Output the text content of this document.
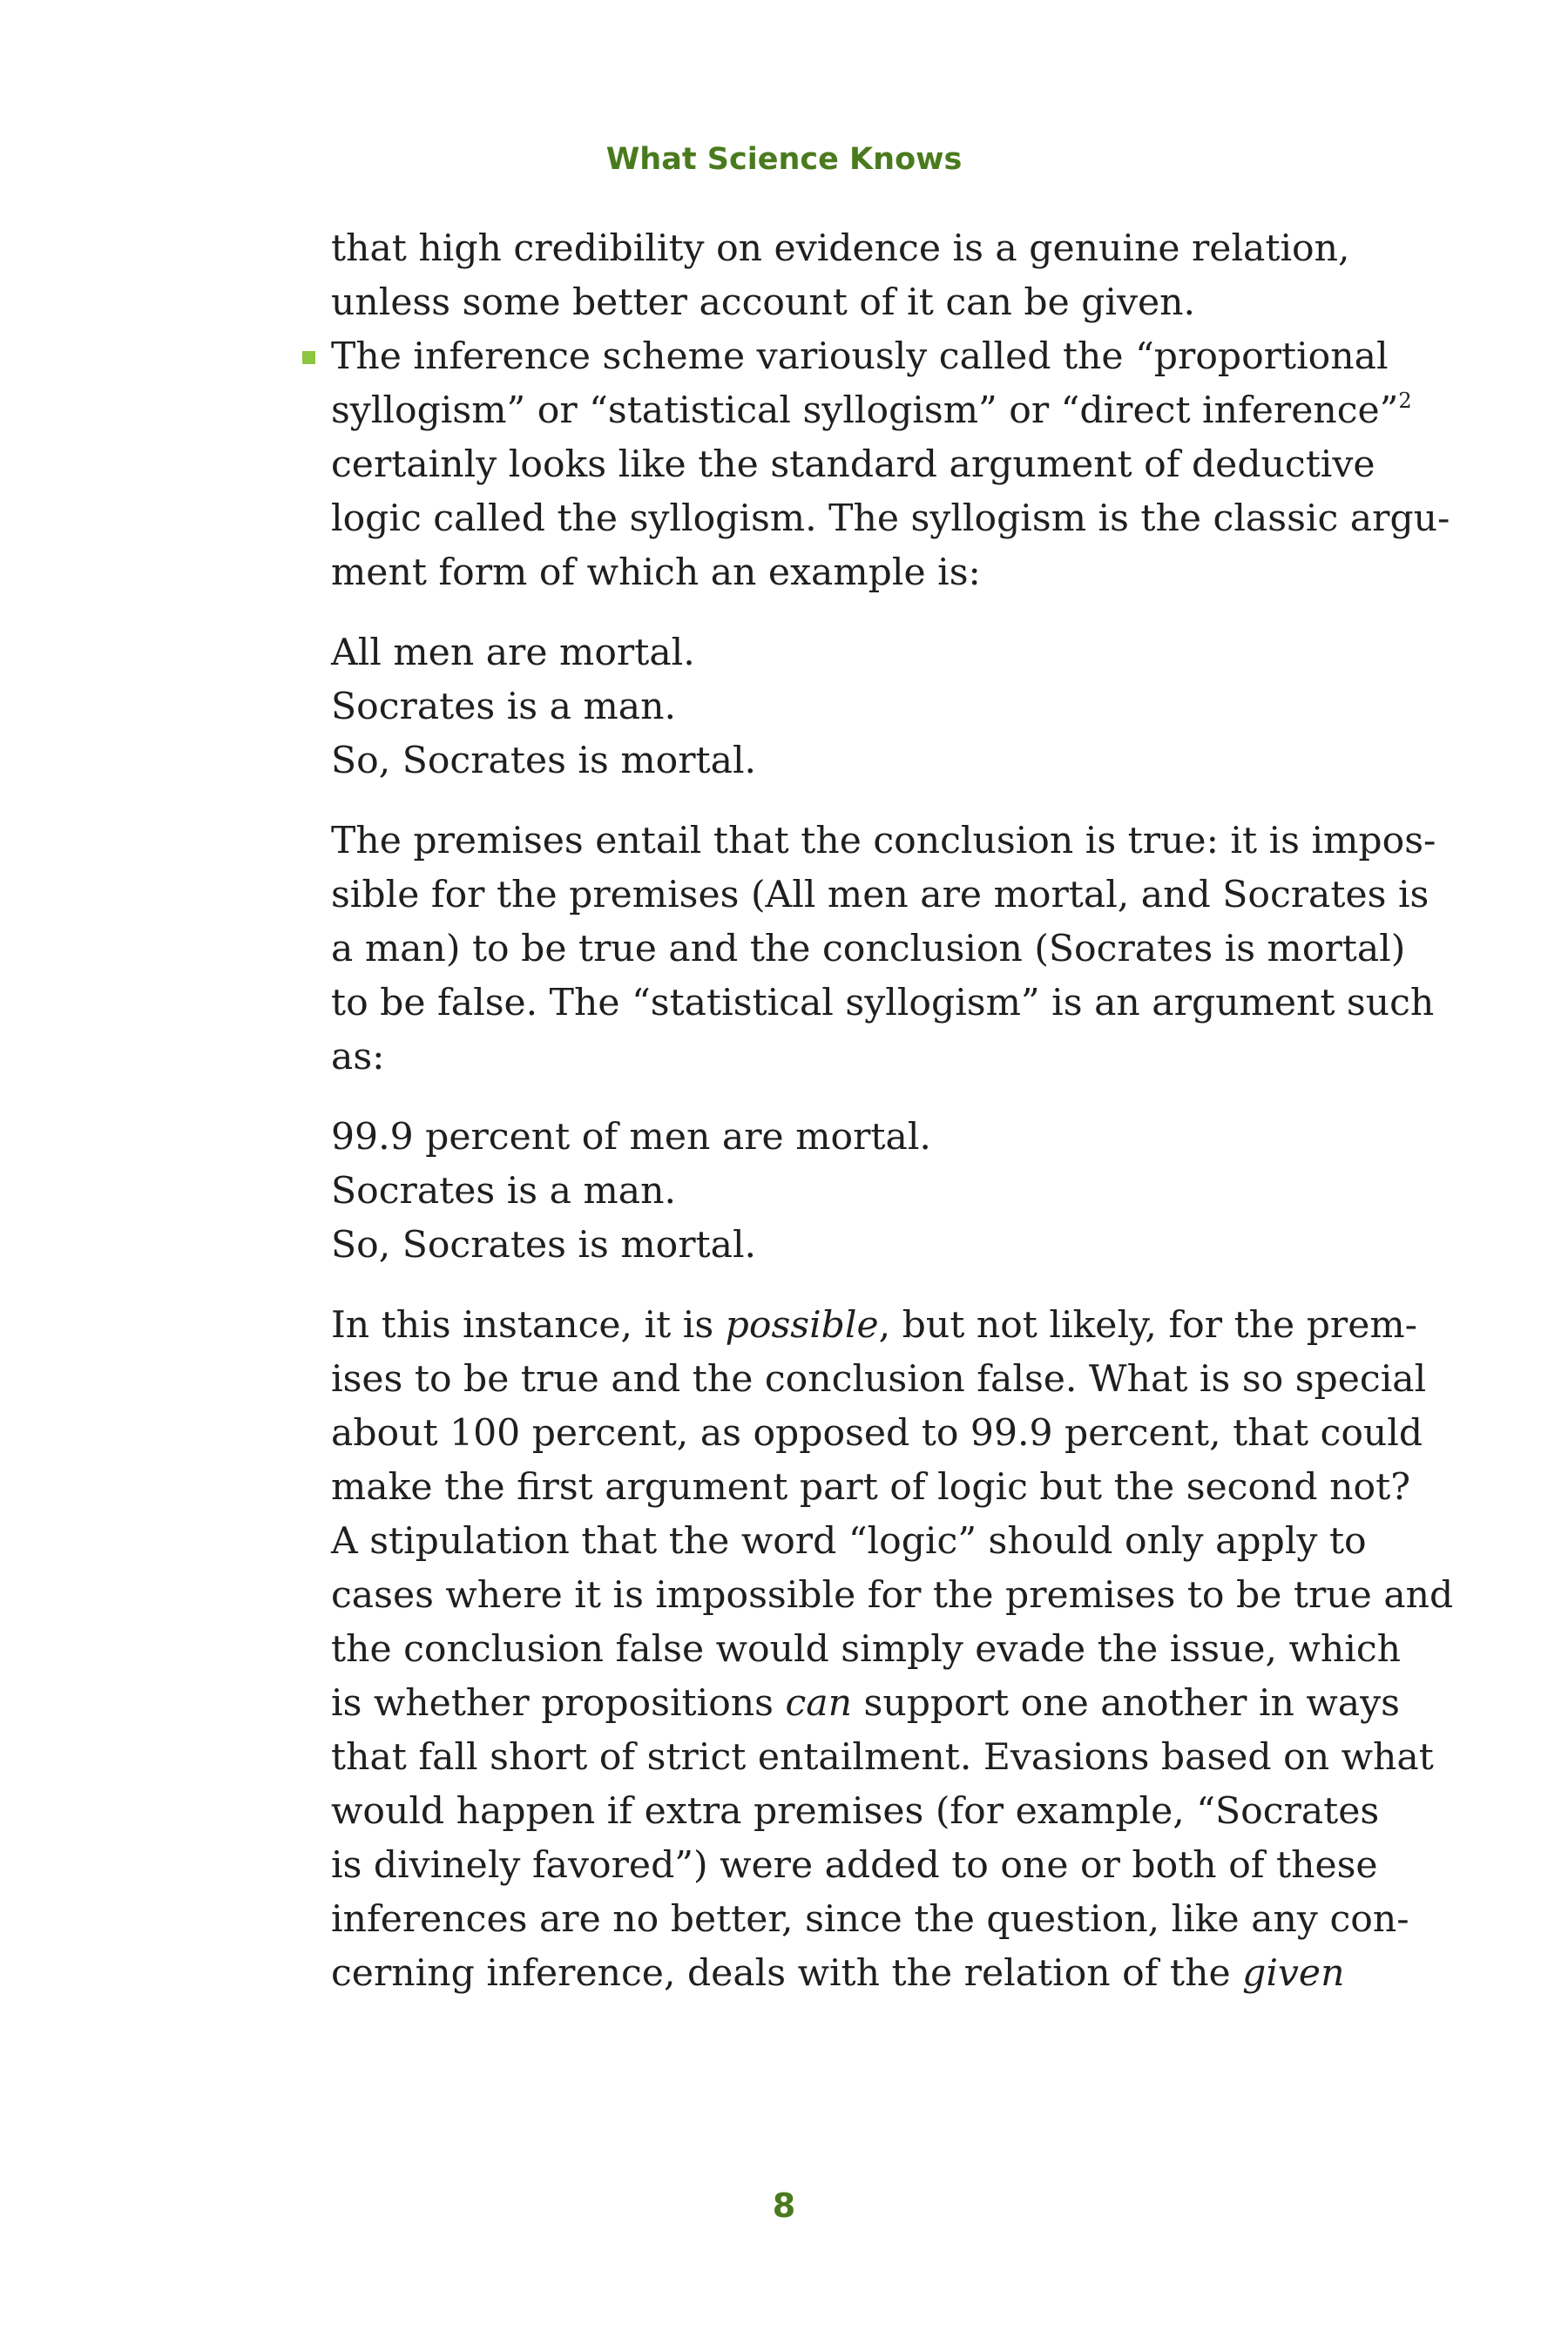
What Science Knows
that high credibility on evidence is a genuine relation,
unless some better account of it can be given.
The inference scheme variously called the “proportional
syllogism” or “statistical syllogism” or “direct inference”$^2$
certainly looks like the standard argument of deductive
logic called the syllogism. The syllogism is the classic argu-
ment form of which an example is:
All men are mortal.
Socrates is a man.
So, Socrates is mortal.
The premises entail that the conclusion is true: it is impos-
sible for the premises (All men are mortal, and Socrates is
a man) to be true and the conclusion (Socrates is mortal)
to be false. The “statistical syllogism” is an argument such
as:
99.9 percent of men are mortal.
Socrates is a man.
So, Socrates is mortal.
In this instance, it is possible, but not likely, for the prem-
ises to be true and the conclusion false. What is so special
about 100 percent, as opposed to 99.9 percent, that could
make the first argument part of logic but the second not?
A stipulation that the word “logic” should only apply to
cases where it is impossible for the premises to be true and
the conclusion false would simply evade the issue, which
is whether propositions can support one another in ways
that fall short of strict entailment. Evasions based on what
would happen if extra premises (for example, “Socrates
is divinely favored”) were added to one or both of these
inferences are no better, since the question, like any con-
cerning inference, deals with the relation of the given
8
